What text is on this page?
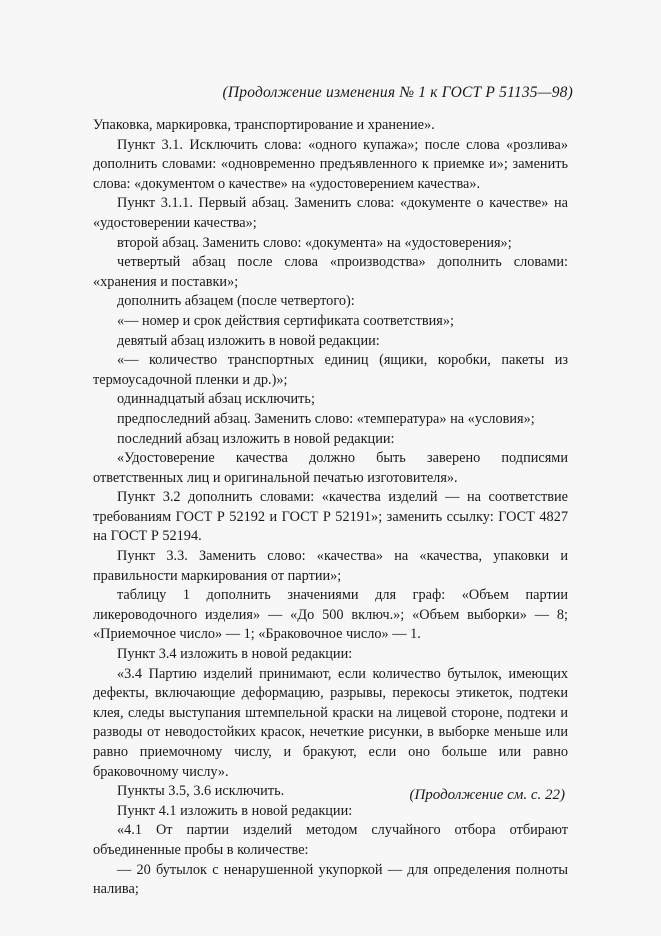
(Продолжение изменения № 1 к ГОСТ Р 51135—98)

Упаковка, маркировка, транспортирование и хранение».

Пункт 3.1. Исключить слова: «одного купажа»; после слова «розлива» дополнить словами: «одновременно предъявленного к приемке и»; заменить слова: «документом о качестве» на «удостоверением качества».

Пункт 3.1.1. Первый абзац. Заменить слова: «документе о качестве» на «удостоверении качества»;

второй абзац. Заменить слово: «документа» на «удостоверения»;

четвертый абзац после слова «производства» дополнить словами: «хранения и поставки»;

дополнить абзацем (после четвертого):

«— номер и срок действия сертификата соответствия»;

девятый абзац изложить в новой редакции:

«— количество транспортных единиц (ящики, коробки, пакеты из термоусадочной пленки и др.)»;

одиннадцатый абзац исключить;

предпоследний абзац. Заменить слово: «температура» на «условия»;

последний абзац изложить в новой редакции:

«Удостоверение качества должно быть заверено подписями ответственных лиц и оригинальной печатью изготовителя».

Пункт 3.2 дополнить словами: «качества изделий — на соответствие требованиям ГОСТ Р 52192 и ГОСТ Р 52191»; заменить ссылку: ГОСТ 4827 на ГОСТ Р 52194.

Пункт 3.3. Заменить слово: «качества» на «качества, упаковки и правильности маркирования от партии»;

таблицу 1 дополнить значениями для граф: «Объем партии ликероводочного изделия» — «До 500 включ.»; «Объем выборки» — 8; «Приемочное число» — 1; «Браковочное число» — 1.

Пункт 3.4 изложить в новой редакции:

«3.4 Партию изделий принимают, если количество бутылок, имеющих дефекты, включающие деформацию, разрывы, перекосы этикеток, подтеки клея, следы выступания штемпельной краски на лицевой стороне, подтеки и разводы от неводостойких красок, нечеткие рисунки, в выборке меньше или равно приемочному числу, и бракуют, если оно больше или равно браковочному числу».

Пункты 3.5, 3.6 исключить.

Пункт 4.1 изложить в новой редакции:

«4.1 От партии изделий методом случайного отбора отбирают объединенные пробы в количестве:

— 20 бутылок с ненарушенной укупоркой — для определения полноты налива;

(Продолжение см. с. 22)
